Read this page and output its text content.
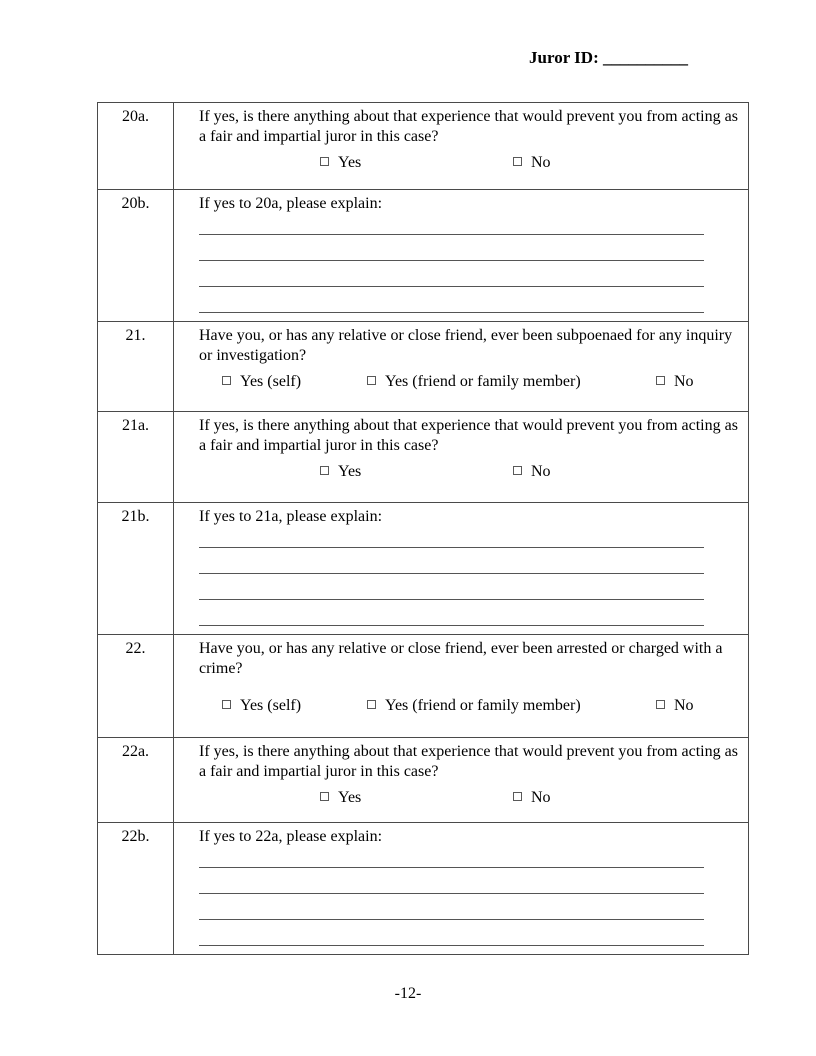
Juror ID: __________
20a.	If yes, is there anything about that experience that would prevent you from acting as a fair and impartial juror in this case?
Yes	No
20b.	If yes to 20a, please explain:
21.	Have you, or has any relative or close friend, ever been subpoenaed for any inquiry or investigation?
Yes (self)	Yes (friend or family member)	No
21a.	If yes, is there anything about that experience that would prevent you from acting as a fair and impartial juror in this case?
Yes	No
21b.	If yes to 21a, please explain:
22.	Have you, or has any relative or close friend, ever been arrested or charged with a crime?
Yes (self)	Yes (friend or family member)	No
22a.	If yes, is there anything about that experience that would prevent you from acting as a fair and impartial juror in this case?
Yes	No
22b.	If yes to 22a, please explain:
-12-
